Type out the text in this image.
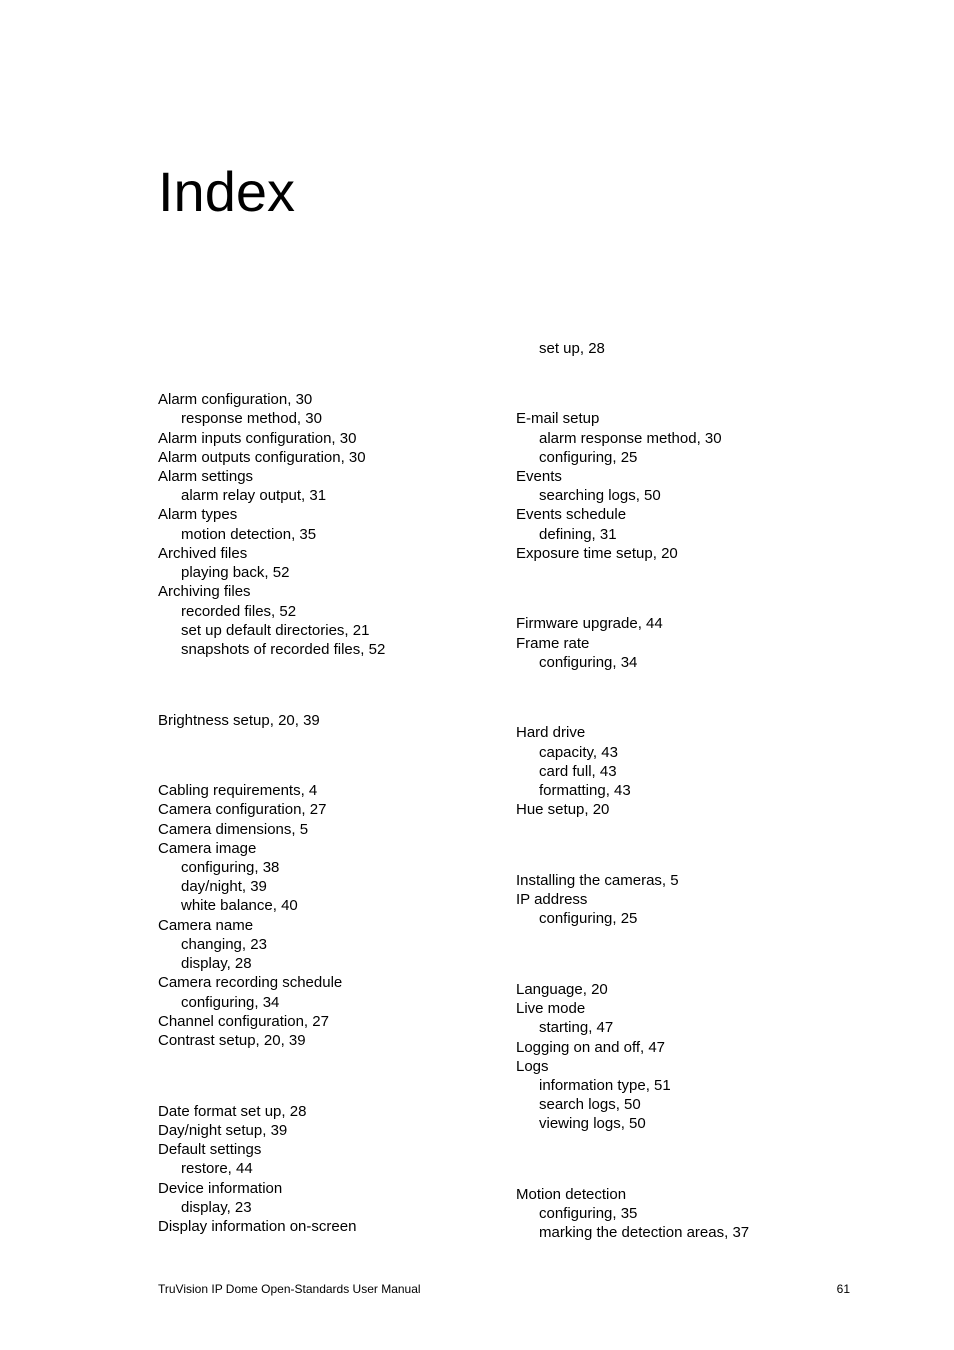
Index
Alarm configuration, 30
response method, 30
Alarm inputs configuration, 30
Alarm outputs configuration, 30
Alarm settings
alarm relay output, 31
Alarm types
motion detection, 35
Archived files
playing back, 52
Archiving files
recorded files, 52
set up default directories, 21
snapshots of recorded files, 52
Brightness setup, 20, 39
Cabling requirements, 4
Camera configuration, 27
Camera dimensions, 5
Camera image
configuring, 38
day/night, 39
white balance, 40
Camera name
changing, 23
display, 28
Camera recording schedule
configuring, 34
Channel configuration, 27
Contrast setup, 20, 39
Date format set up, 28
Day/night setup, 39
Default settings
restore, 44
Device information
display, 23
Display information on-screen
set up, 28
E-mail setup
alarm response method, 30
configuring, 25
Events
searching logs, 50
Events schedule
defining, 31
Exposure time setup, 20
Firmware upgrade, 44
Frame rate
configuring, 34
Hard drive
capacity, 43
card full, 43
formatting, 43
Hue setup, 20
Installing the cameras, 5
IP address
configuring, 25
Language, 20
Live mode
starting, 47
Logging on and off, 47
Logs
information type, 51
search logs, 50
viewing logs, 50
Motion detection
configuring, 35
marking the detection areas, 37
TruVision IP Dome Open-Standards User Manual	61
